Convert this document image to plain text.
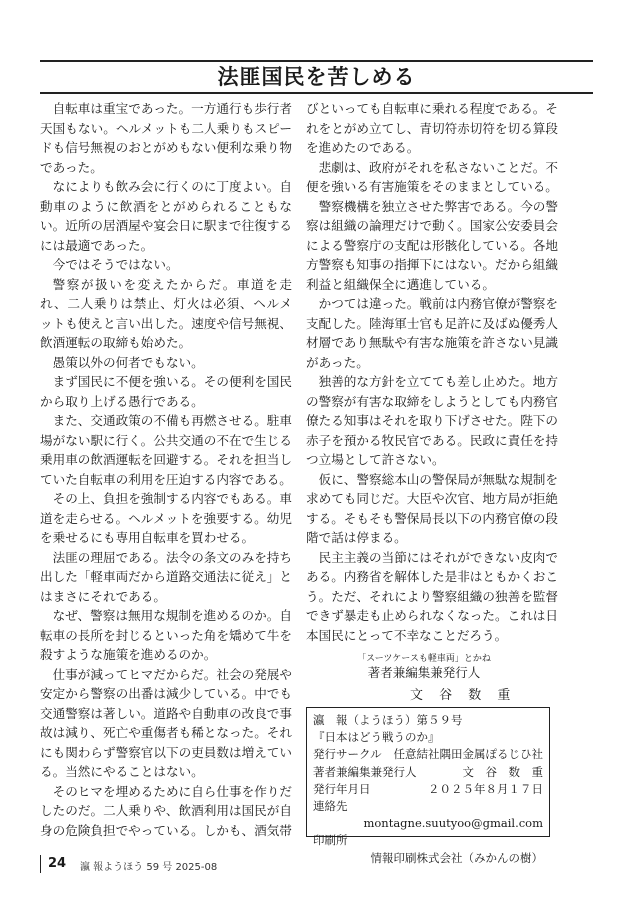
法匪国民を苦しめる

自転車は重宝であった。一方通行も歩行者天国もない。ヘルメットも二人乗りもスピードも信号無視のおとがめもない便利な乗り物であった。

なによりも飲み会に行くのに丁度よい。自動車のように飲酒をとがめられることもない。近所の居酒屋や宴会日に駅まで往復するには最適であった。

今ではそうではない。

警察が扱いを変えたからだ。車道を走れ、二人乗りは禁止、灯火は必須、ヘルメットも使えと言い出した。速度や信号無視、飲酒運転の取締も始めた。

愚策以外の何者でもない。

まず国民に不便を強いる。その便利を国民から取り上げる愚行である。

また、交通政策の不備も再燃させる。駐車場がない駅に行く。公共交通の不在で生じる乗用車の飲酒運転を回避する。それを担当していた自転車の利用を圧迫する内容である。

その上、負担を強制する内容でもある。車道を走らせる。ヘルメットを強要する。幼児を乗せるにも専用自転車を買わせる。

法匪の理屈である。法令の条文のみを持ち出した「軽車両だから道路交通法に従え」とはまさにそれである。

なぜ、警察は無用な規制を進めるのか。自転車の長所を封じるといった角を矯めて牛を殺すような施策を進めるのか。

仕事が減ってヒマだからだ。社会の発展や安定から警察の出番は減少している。中でも交通警察は著しい。道路や自動車の改良で事故は減り、死亡や重傷者も稀となった。それにも関わらず警察官以下の吏員数は増えている。当然にやることはない。

そのヒマを埋めるために自ら仕事を作りだしたのだ。二人乗りや、飲酒利用は国民が自身の危険負担でやっている。しかも、酒気帯

びといっても自転車に乗れる程度である。それをとがめ立てし、青切符赤切符を切る算段を進めたのである。

悲劇は、政府がそれを私さないことだ。不便を強いる有害施策をそのままとしている。

警察機構を独立させた弊害である。今の警察は組織の論理だけで動く。国家公安委員会による警察庁の支配は形骸化している。各地方警察も知事の指揮下にはない。だから組織利益と組織保全に邁進している。

かつては違った。戦前は内務官僚が警察を支配した。陸海軍士官も足許に及ばぬ優秀人材層であり無駄や有害な施策を許さない見識があった。

独善的な方針を立てても差し止めた。地方の警察が有害な取締をしようとしても内務官僚たる知事はそれを取り下げさせた。陛下の赤子を預かる牧民官である。民政に責任を持つ立場として許さない。

仮に、警察総本山の警保局が無駄な規制を求めても同じだ。大臣や次官、地方局が拒絶する。そもそも警保局長以下の内務官僚の段階で話は停まる。

民主主義の当節にはそれができない皮肉である。内務省を解体した是非はともかくおこう。ただ、それにより警察組織の独善を監督できず暴走も止められなくなった。これは日本国民にとって不幸なことだろう。

「スーツケースも軽車両」とかね
著者兼編集兼発行人
文 谷 数 重
瀛　報（ようほう）第５９号
『日本はどう戦うのか』
発行サークル 任意結社隅田金属ぽるじひ社
著者兼編集兼発行人	文　谷　数　重
発行年月日	２０２５年８月１７日
連絡先
montagne.suutyoo@gmail.com
印刷所
情報印刷株式会社（みかんの樹）
24 瀛 報ようほう 59 号 2025-08
